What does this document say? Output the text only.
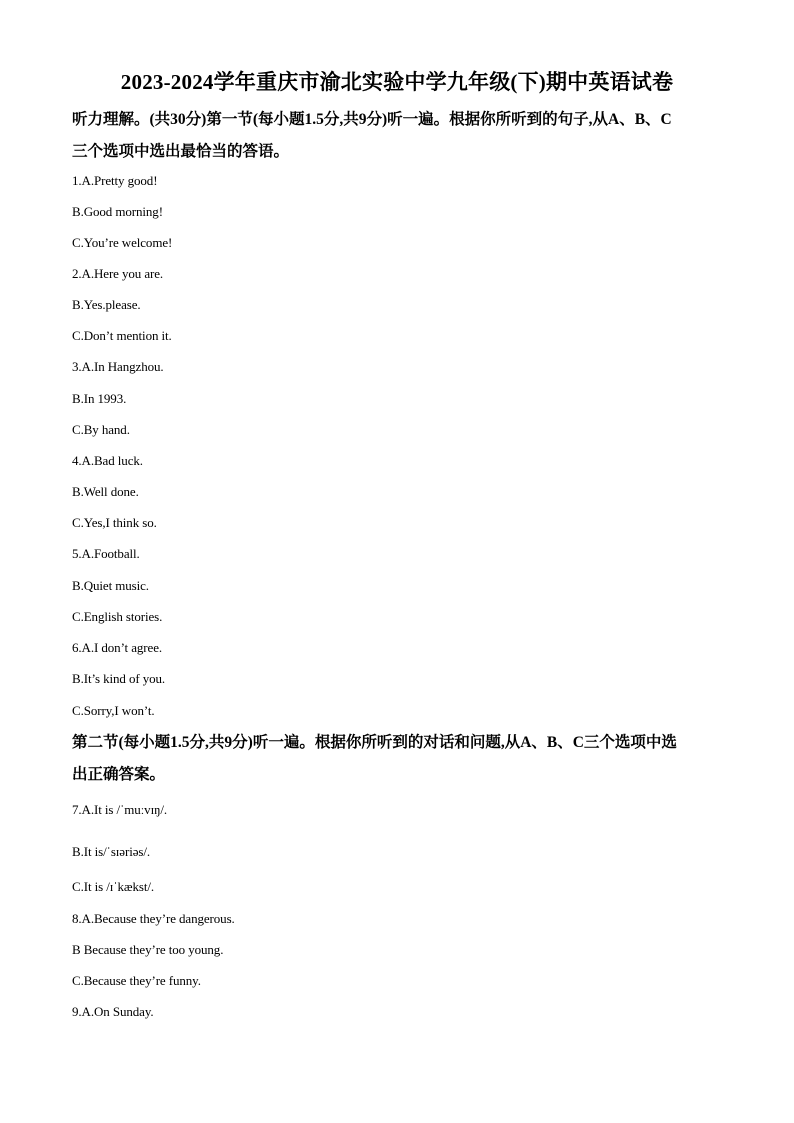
2023-2024学年重庆市渝北实验中学九年级(下)期中英语试卷
听力理解。(共30分)第一节(每小题1.5分,共9分)听一遍。根据你所听到的句子,从A、B、C
三个选项中选出最恰当的答语。
1.A.Pretty good!
B.Good morning!
C.You’re welcome!
2.A.Here you are.
B.Yes.please.
C.Don’t mention it.
3.A.In Hangzhou.
B.In 1993.
C.By hand.
4.A.Bad luck.
B.Well done.
C.Yes,I think so.
5.A.Football.
B.Quiet music.
C.English stories.
6.A.I don’t agree.
B.It’s kind of you.
C.Sorry,I won’t.
第二节(每小题1.5分,共9分)听一遍。根据你所听到的对话和问题,从A、B、C三个选项中选
出正确答案。
7.A.It is /ˈmuːvɪŋ/.
B.It is/ˈsɪəriəs/.
C.It is /ɪˈkækst/.
8.A.Because they’re dangerous.
B Because they’re too young.
C.Because they’re funny.
9.A.On Sunday.
